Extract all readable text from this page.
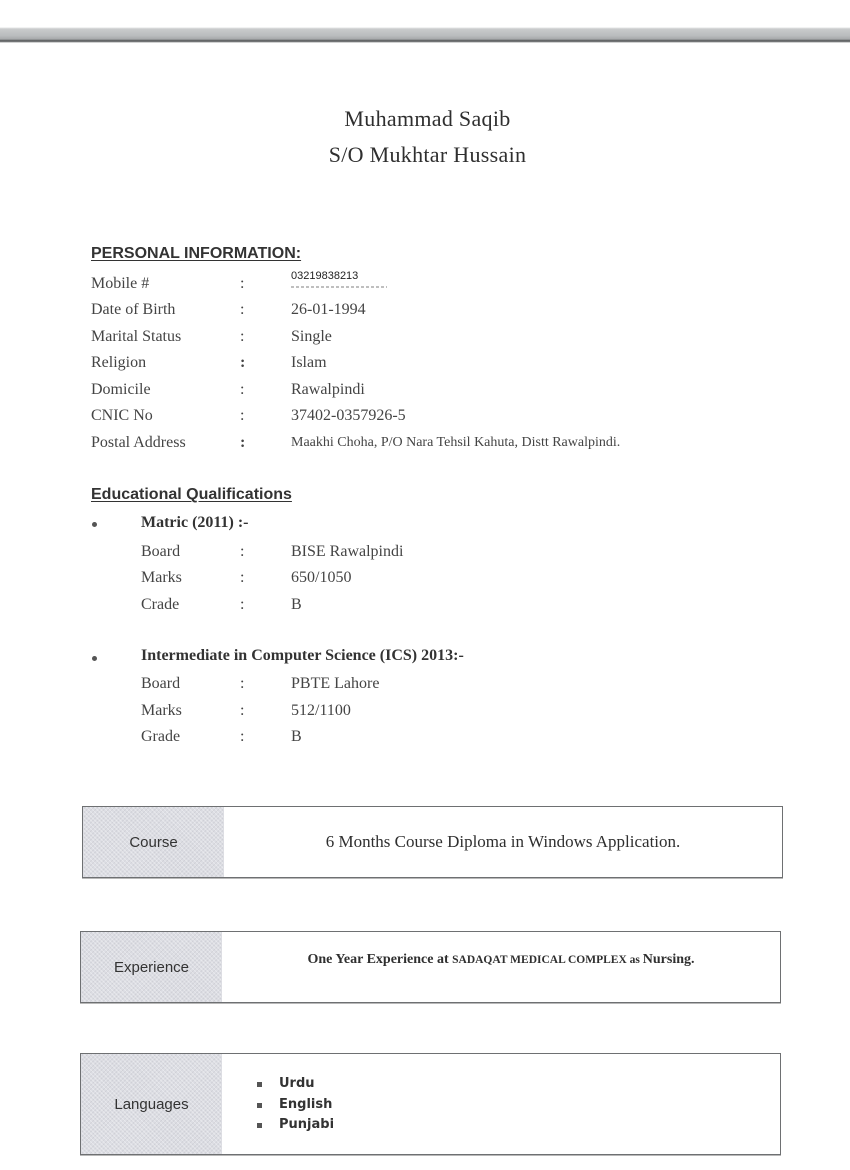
Muhammad Saqib
S/O Mukhtar Hussain
PERSONAL INFORMATION:
Mobile #	:	03219838213
Date of Birth	:	26-01-1994
Marital Status	:	Single
Religion	:	Islam
Domicile	:	Rawalpindi
CNIC No	:	37402-0357926-5
Postal Address	:	Maakhi Choha, P/O Nara Tehsil Kahuta, Distt Rawalpindi.
Educational Qualifications
Matric (2011) :-
Board	:	BISE Rawalpindi
Marks	:	650/1050
Crade	:	B
Intermediate in Computer Science (ICS) 2013:-
Board	:	PBTE Lahore
Marks	:	512/1100
Grade	:	B
Course	6 Months Course Diploma in Windows Application.
Experience	One Year Experience at SADAQAT MEDICAL COMPLEX as Nursing.
Languages
Urdu
English
Punjabi
